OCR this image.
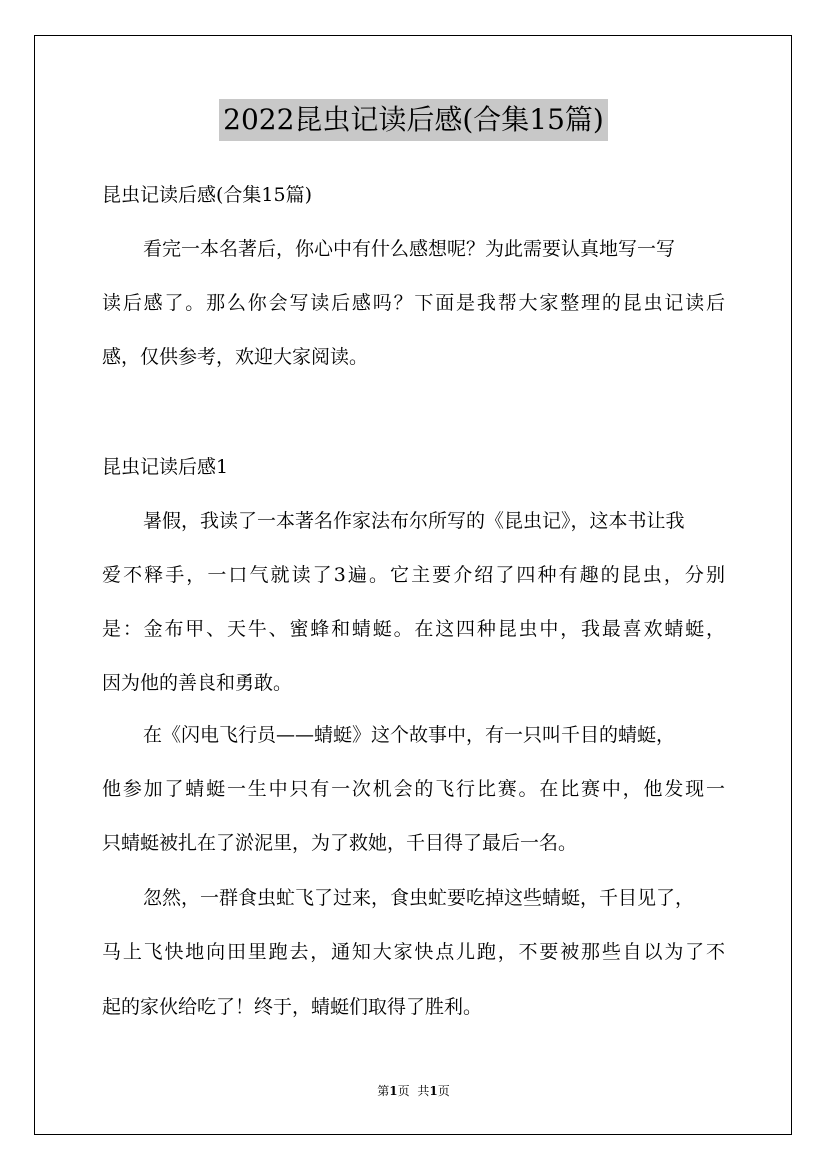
2022昆虫记读后感(合集15篇)
昆虫记读后感(合集15篇)
看完一本名著后，你心中有什么感想呢？为此需要认真地写一写
读后感了。那么你会写读后感吗？下面是我帮大家整理的昆虫记读后
感，仅供参考，欢迎大家阅读。
昆虫记读后感1
暑假，我读了一本著名作家法布尔所写的《昆虫记》，这本书让我
爱不释手，一口气就读了3遍。它主要介绍了四种有趣的昆虫，分别
是：金布甲、天牛、蜜蜂和蜻蜓。在这四种昆虫中，我最喜欢蜻蜓，
因为他的善良和勇敢。
在《闪电飞行员——蜻蜓》这个故事中，有一只叫千目的蜻蜓，
他参加了蜻蜓一生中只有一次机会的飞行比赛。在比赛中，他发现一
只蜻蜓被扎在了淤泥里，为了救她，千目得了最后一名。
忽然，一群食虫虻飞了过来，食虫虻要吃掉这些蜻蜓，千目见了，
马上飞快地向田里跑去，通知大家快点儿跑，不要被那些自以为了不
起的家伙给吃了！终于，蜻蜓们取得了胜利。
第1页 共1页
